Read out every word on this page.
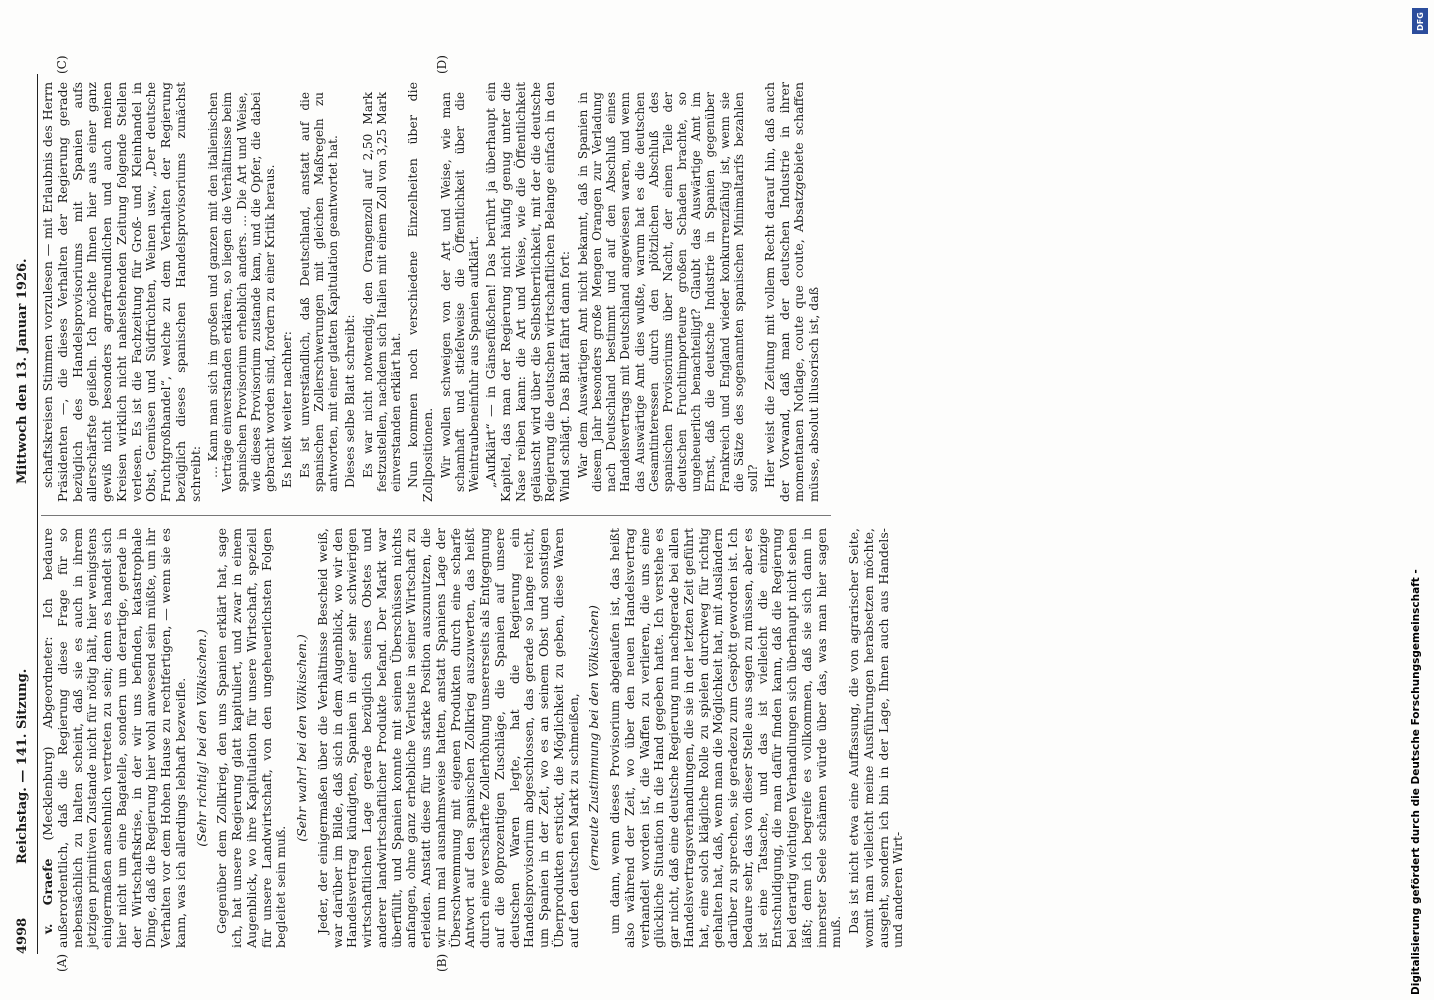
4998
Reichstag. — 141. Sitzung.
Mittwoch den 13. Januar 1926.
(A)	(B)
(C)	(D)

v. Graefe (Mecklenburg) Abgeordneter: Ich bedaure außerordentlich, daß die Regierung diese Frage für so nebensächlich zu halten scheint, daß sie es auch in ihrem jetzigen primitiven Zustande nicht für nötig hält, hier wenigstens einigermaßen ansehnlich vertreten zu sein; denn es handelt sich hier nicht um eine Bagatelle, sondern um derartige, gerade in der Wirtschaftskrise, in der wir uns befinden, katastrophale Dinge, daß die Regierung hier wohl anwesend sein müßte, um ihr Verhalten vor dem Hohen Hause zu rechtfertigen, — wenn sie es kann, was ich allerdings lebhaft bezweifle. (Sehr richtig! bei den Völkischen.) Gegenüber dem Zollkrieg, den uns Spanien erklärt hat, sage ich, hat unsere Regierung glatt kapituliert, und zwar in einem Augenblick, wo ihre Kapitulation für unsere Wirtschaft, speziell für unsere Landwirtschaft, von den ungeheuerlichsten Folgen begleitet sein muß.

(Sehr wahr! bei den Völkischen.) Jeder, der einigermaßen über die Verhältnisse Bescheid weiß, war darüber im Bilde, daß sich in dem Augenblick, wo wir den Handelsvertrag kündigten, Spanien in einer sehr schwierigen wirtschaftlichen Lage gerade bezüglich seines Obstes und anderer landwirtschaftlicher Produkte befand. Der Markt war überfüllt, und Spanien konnte mit seinen Überschüssen nichts anfangen, ohne ganz erhebliche Verluste in seiner Wirtschaft zu erleiden. Anstatt diese für uns starke Position auszunutzen, die wir nun mal ausnahmsweise hatten, anstatt Spaniens Lage der Überschwemmung mit eigenen Produkten durch eine scharfe Antwort auf den spanischen Zollkrieg auszuwerten, das heißt durch eine verschärfte Zollerhöhung unsererseits als Entgegnung auf die 80prozentigen Zuschläge, die Spanien auf unsere deutschen Waren legte, hat die Regierung ein Handelsprovisorium abgeschlossen, das gerade so lange reicht, um Spanien in der Zeit, wo es an seinem Obst und sonstigen Überprodukten erstickt, die Möglichkeit zu geben, diese Waren auf den deutschen Markt zu schmeißen, (erneute Zustimmung bei den Völkischen) um dann, wenn dieses Provisorium abgelaufen ist, das heißt also während der Zeit, wo über den neuen Handelsvertrag verhandelt worden ist, die Waffen zu verlieren, die uns eine glückliche Situation in die Hand gegeben hatte. Ich verstehe es gar nicht, daß eine deutsche Regierung nun nachgerade bei allen Handelsvertragsverhandlungen, die sie in der letzten Zeit geführt hat, eine solch klägliche Rolle zu spielen durchweg für richtig gehalten hat, daß, wenn man die Möglichkeit hat, mit Ausländern darüber zu sprechen, sie geradezu zum Gespött geworden ist. Ich bedaure sehr, das von dieser Stelle aus sagen zu müssen, aber es ist eine Tatsache, und das ist vielleicht die einzige Entschuldigung, die man dafür finden kann, daß die Regierung bei derartig wichtigen Verhandlungen sich überhaupt nicht sehen läßt; denn ich begreife es vollkommen, daß sie sich dann in innerster Seele schämen würde über das, was man hier sagen muß. Das ist nicht etwa eine Auffassung, die von agrarischer Seite, womit man vielleicht meine Ausführungen herabsetzen möchte, ausgeht, sondern ich bin in der Lage, Ihnen auch aus Handels- und anderen Wirt-

schaftskreisen Stimmen vorzulesen — mit Erlaubnis des Herrn Präsidenten —, die dieses Verhalten der Regierung gerade bezüglich des Handelsprovisoriums mit Spanien aufs allerschärfste geißeln. Ich möchte Ihnen hier aus einer ganz gewiß nicht besonders agrarfreundlichen und auch meinen Kreisen wirklich nicht nahestehenden Zeitung folgende Stellen verlesen. Es ist die Fachzeitung für Groß- und Kleinhandel in Obst, Gemüsen und Südfrüchten, Weinen usw., „Der deutsche Fruchtgroßhandel“, welche zu dem Verhalten der Regierung bezüglich dieses spanischen Handelsprovisoriums zunächst schreibt: … Kann man sich im großen und ganzen mit den italienischen Verträge einverstanden erklären, so liegen die Verhältnisse beim spanischen Provisorium erheblich anders. … Die Art und Weise, wie dieses Provisorium zustande kam, und die Opfer, die dabei gebracht worden sind, fordern zu einer Kritik heraus. Es heißt weiter nachher: Es ist unverständlich, daß Deutschland, anstatt auf die spanischen Zollerschwerungen mit gleichen Maßregeln zu antworten, mit einer glatten Kapitulation geantwortet hat. Dieses selbe Blatt schreibt: Es war nicht notwendig, den Orangenzoll auf 2,50 Mark festzustellen, nachdem sich Italien mit einem Zoll von 3,25 Mark einverstanden erklärt hat. Nun kommen noch verschiedene Einzelheiten über die Zollpositionen. Wir wollen schweigen von der Art und Weise, wie man schamhaft und stiefelweise die Öffentlichkeit über die Weintraubeneinfuhr aus Spanien aufklärt. „Aufklärt“ — in Gänsefüßchen! Das berührt ja überhaupt ein Kapitel, das man der Regierung nicht häufig genug unter die Nase reiben kann: die Art und Weise, wie die Öffentlichkeit geläuscht wird über die Selbstherrlichkeit, mit der die deutsche Regierung die deutschen wirtschaftlichen Belange einfach in den Wind schlägt. Das Blatt fährt dann fort: War dem Auswärtigen Amt nicht bekannt, daß in Spanien in diesem Jahr besonders große Mengen Orangen zur Verladung nach Deutschland bestimmt und auf den Abschluß eines Handelsvertrags mit Deutschland angewiesen waren, und wenn das Auswärtige Amt dies wußte, warum hat es die deutschen Gesamtinteressen durch den plötzlichen Abschluß des spanischen Provisoriums über Nacht, der einen Teile der deutschen Fruchtimporteure großen Schaden brachte, so ungeheuerlich benachteiligt? Glaubt das Auswärtige Amt im Ernst, daß die deutsche Industrie in Spanien gegenüber Frankreich und England wieder konkurrenzfähig ist, wenn sie die Sätze des sogenannten spanischen Minimaltarifs bezahlen soll? Hier weist die Zeitung mit vollem Recht darauf hin, daß auch der Vorwand, daß man der deutschen Industrie in ihrer momentanen Notlage, coute que coute, Absatzgebiete schaffen müsse, absolut illusorisch ist, daß

Digitalisierung gefördert durch die Deutsche Forschungsgemeinschaft -
DFG
